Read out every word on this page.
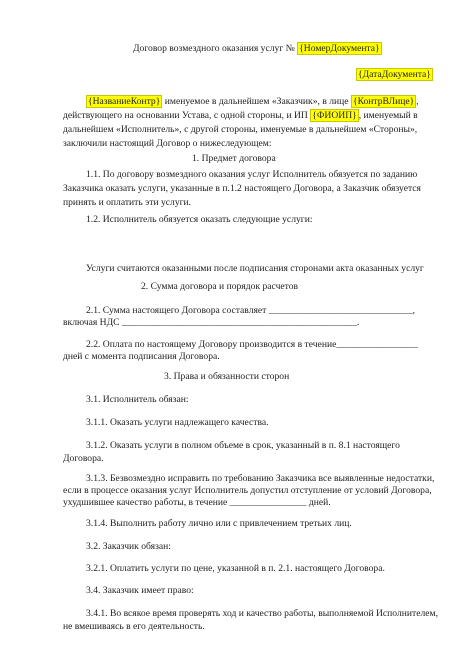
Договор возмездного оказания услуг № {НомерДокумента}
{ДатаДокумента}
{НазваниеКонтр} именуемое в дальнейшем «Заказчик», в лице {КонтрВЛице} ,
действующего на основании Устава, с одной стороны, и ИП {ФИОИП} , именуемый в
дальнейшем «Исполнитель», с другой стороны, именуемые в дальнейшем «Стороны»,
заключили настоящий Договор о нижеследующем:
1. Предмет договора
1.1. По договору возмездного оказания услуг Исполнитель обязуется по заданию
Заказчика оказать услуги, указанные в п.1.2 настоящего Договора, а Заказчик обязуется
принять и оплатить эти услуги.
1.2. Исполнитель обязуется оказать следующие услуги:
Услуги считаются оказанными после подписания сторонами акта оказанных услуг
2. Сумма договора и порядок расчетов
2.1. Сумма настоящего Договора составляет ______________________________,
включая НДС _________________________________________________.
2.2. Оплата по настоящему Договору производится в течение_________________
дней с момента подписания Договора.
3. Права и обязанности сторон
3.1. Исполнитель обязан:
3.1.1. Оказать услуги надлежащего качества.
3.1.2. Оказать услуги в полном объеме в срок, указанный в п. 8.1 настоящего
Договора.
3.1.3. Безвозмездно исправить по требованию Заказчика все выявленные недостатки,
если в процессе оказания услуг Исполнитель допустил отступление от условий Договора,
ухудшившее качество работы, в течение ________________ дней.
3.1.4. Выполнить работу лично или с привлечением третьих лиц.
3.2. Заказчик обязан:
3.2.1. Оплатить услуги по цене, указанной в п. 2.1. настоящего Договора.
3.4. Заказчик имеет право:
3.4.1. Во всякое время проверять ход и качество работы, выполняемой Исполнителем,
не вмешиваясь в его деятельность.
